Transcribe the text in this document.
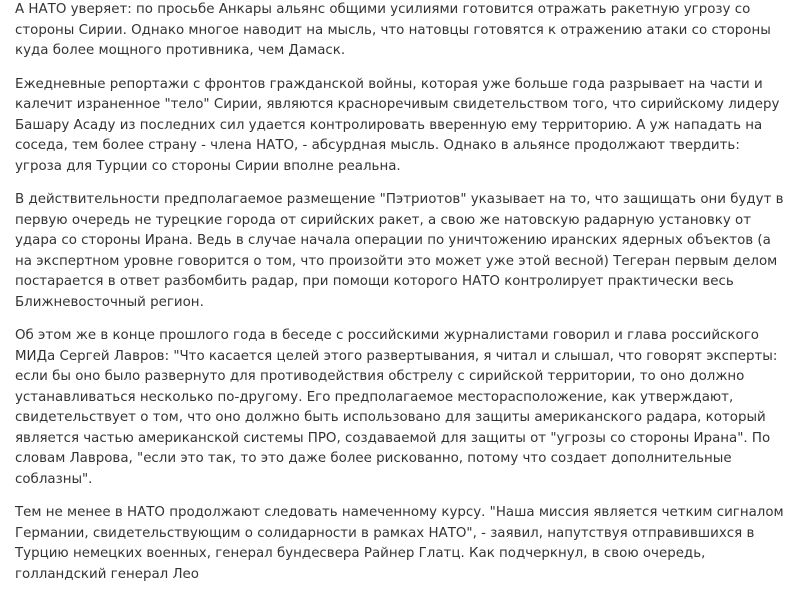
А НАТО уверяет: по просьбе Анкары альянс общими усилиями готовится отражать ракетную угрозу со стороны Сирии. Однако многое наводит на мысль, что натовцы готовятся к отражению атаки со стороны куда более мощного противника, чем Дамаск.

Ежедневные репортажи с фронтов гражданской войны, которая уже больше года разрывает на части и калечит израненное "тело" Сирии, являются красноречивым свидетельством того, что сирийскому лидеру Башару Асаду из последних сил удается контролировать вверенную ему территорию. А уж нападать на соседа, тем более страну - члена НАТО, - абсурдная мысль. Однако в альянсе продолжают твердить: угроза для Турции со стороны Сирии вполне реальна.

В действительности предполагаемое размещение "Пэтриотов" указывает на то, что защищать они будут в первую очередь не турецкие города от сирийских ракет, а свою же натовскую радарную установку от удара со стороны Ирана. Ведь в случае начала операции по уничтожению иранских ядерных объектов (а на экспертном уровне говорится о том, что произойти это может уже этой весной) Тегеран первым делом постарается в ответ разбомбить радар, при помощи которого НАТО контролирует практически весь Ближневосточный регион.

Об этом же в конце прошлого года в беседе с российскими журналистами говорил и глава российского МИДа Сергей Лавров: "Что касается целей этого развертывания, я читал и слышал, что говорят эксперты: если бы оно было развернуто для противодействия обстрелу с сирийской территории, то оно должно устанавливаться несколько по-другому. Его предполагаемое месторасположение, как утверждают, свидетельствует о том, что оно должно быть использовано для защиты американского радара, который является частью американской системы ПРО, создаваемой для защиты от "угрозы со стороны Ирана". По словам Лаврова, "если это так, то это даже более рискованно, потому что создает дополнительные соблазны".

Тем не менее в НАТО продолжают следовать намеченному курсу. "Наша миссия является четким сигналом Германии, свидетельствующим о солидарности в рамках НАТО", - заявил, напутствуя отправившихся в Турцию немецких военных, генерал бундесвера Райнер Глатц. Как подчеркнул, в свою очередь, голландский генерал Лео
